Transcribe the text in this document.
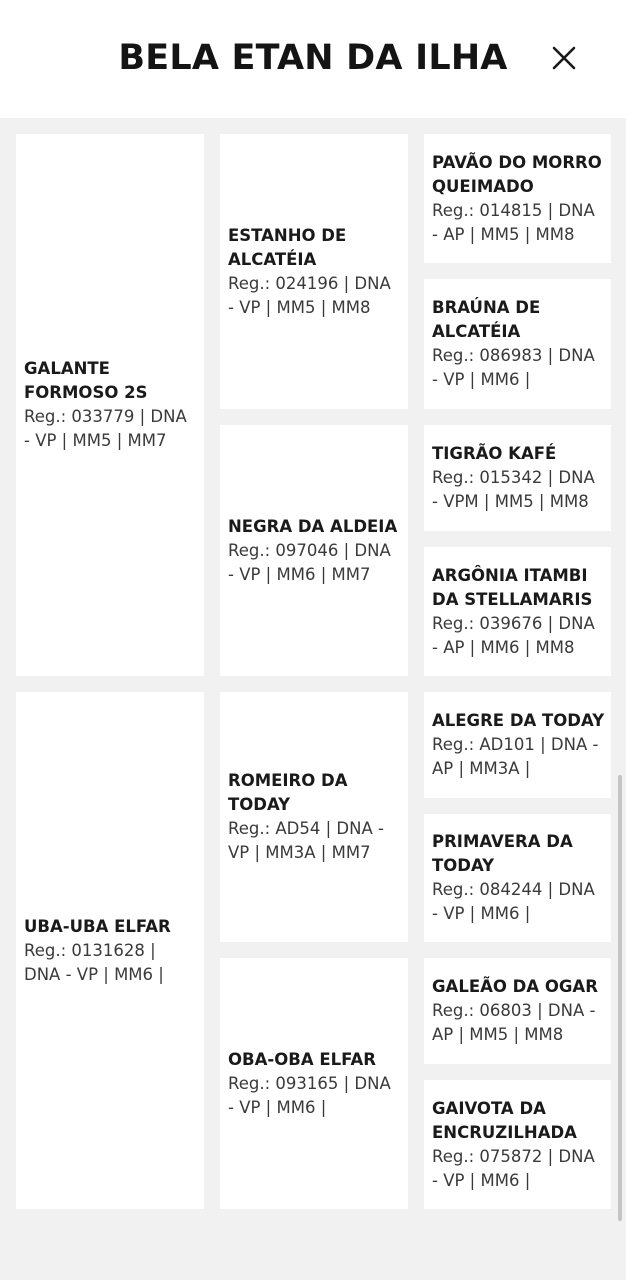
BELA ETAN DA ILHA
GALANTE FORMOSO 2S
Reg.: 033779 | DNA - VP | MM5 | MM7
UBA-UBA ELFAR
Reg.: 0131628 | DNA - VP | MM6 |
ESTANHO DE ALCATÉIA
Reg.: 024196 | DNA - VP | MM5 | MM8
NEGRA DA ALDEIA
Reg.: 097046 | DNA - VP | MM6 | MM7
ROMEIRO DA TODAY
Reg.: AD54 | DNA - VP | MM3A | MM7
OBA-OBA ELFAR
Reg.: 093165 | DNA - VP | MM6 |
PAVÃO DO MORRO QUEIMADO
Reg.: 014815 | DNA - AP | MM5 | MM8
BRAÚNA DE ALCATÉIA
Reg.: 086983 | DNA - VP | MM6 |
TIGRÃO KAFÉ
Reg.: 015342 | DNA - VPM | MM5 | MM8
ARGÔNIA ITAMBI DA STELLAMARIS
Reg.: 039676 | DNA - AP | MM6 | MM8
ALEGRE DA TODAY
Reg.: AD101 | DNA - AP | MM3A |
PRIMAVERA DA TODAY
Reg.: 084244 | DNA - VP | MM6 |
GALEÃO DA OGAR
Reg.: 06803 | DNA - AP | MM5 | MM8
GAIVOTA DA ENCRUZILHADA
Reg.: 075872 | DNA - VP | MM6 |
